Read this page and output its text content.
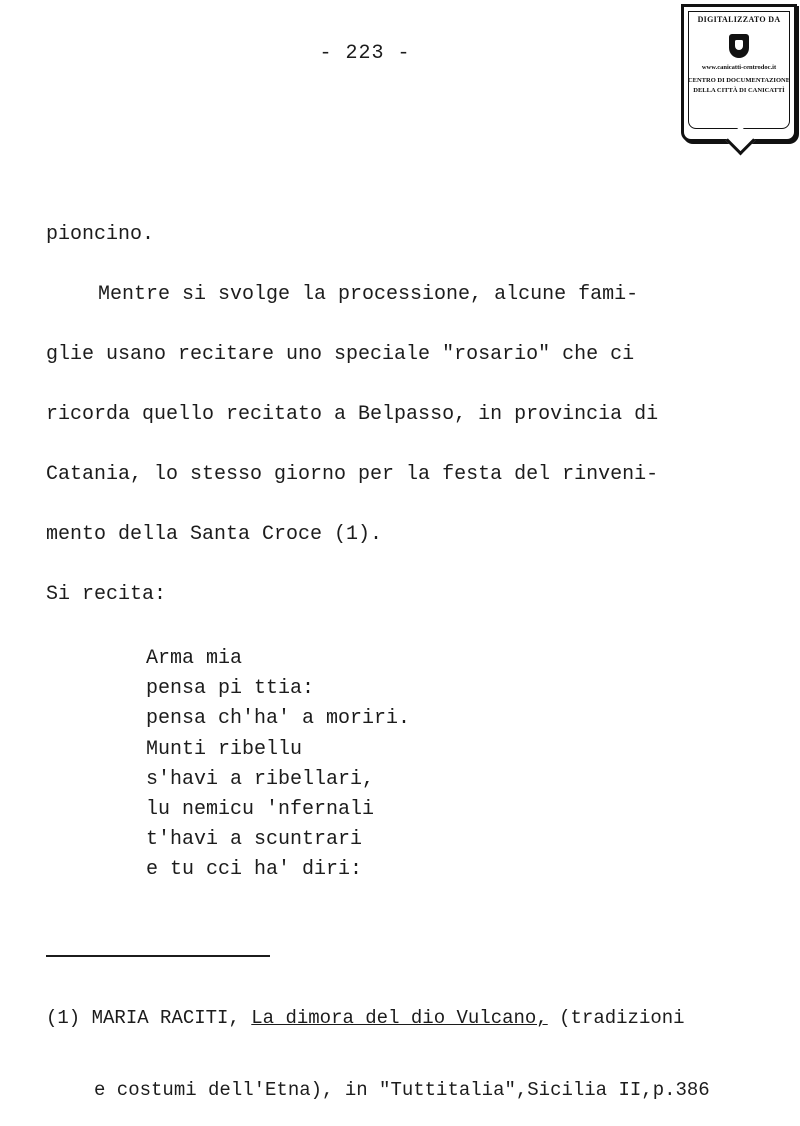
- 223 -
DIGITALIZZATO DA
www.canicatti-centrodoc.it
CENTRO DI DOCUMENTAZIONE
DELLA CITTÀ DI CANICATTÌ
pioncino.
Mentre si svolge la processione, alcune fami-
glie usano recitare uno speciale "rosario" che ci
ricorda quello recitato a Belpasso, in provincia di
Catania, lo stesso giorno per la festa del rinveni-
mento della Santa Croce (1).
Si recita:
Arma mia
pensa pi ttia:
pensa ch'ha' a moriri.
Munti ribellu
s'havi a ribellari,
lu nemicu 'nfernali
t'havi a scuntrari
e tu cci ha' diri:

(1) MARIA RACITI, La dimora del dio Vulcano, (tradizioni

e costumi dell'Etna), in "Tuttitalia",Sicilia II,p.386
